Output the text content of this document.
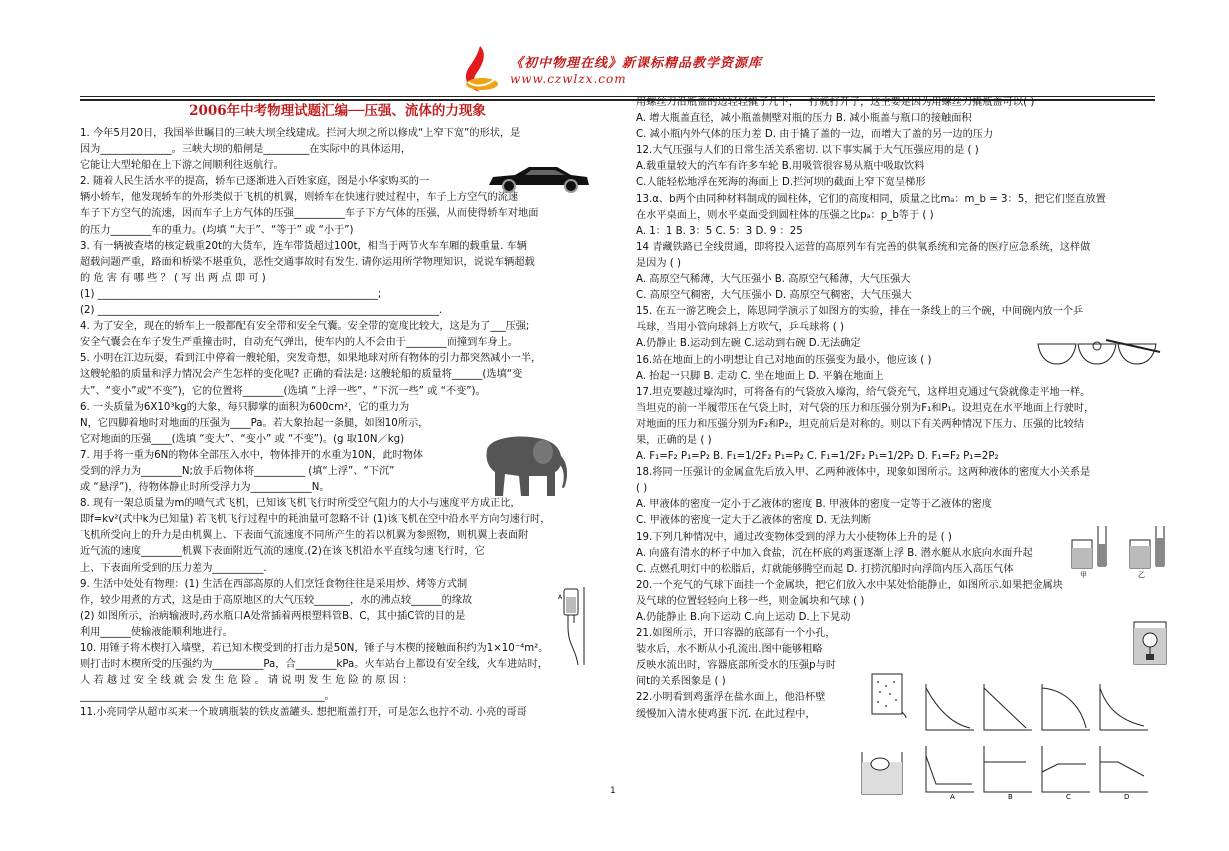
《初中物理在线》新课标精品教学资源库
www.czwlzx.com
2006年中考物理试题汇编──压强、流体的力现象
1. 今年5月20日，我国举世瞩目的三峡大坝全线建成。拦河大坝之所以修成“上窄下宽”的形状，是
因为______________。三峡大坝的船闸是_________在实际中的具体运用，
它能让大型轮船在上下游之间顺利往返航行。
2. 随着人民生活水平的提高，轿车已逐渐进入百姓家庭，图是小华家购买的一
辆小轿车，他发现轿车的外形类似于飞机的机翼，则轿车在快速行驶过程中，车子上方空气的流速
车子下方空气的流速，因而车子上方气体的压强__________车子下方气体的压强，从而使得轿车对地面
的压力________车的重力。(均填 “大于”、“等于” 或 “小于”)
3. 有一辆被查堵的核定载重20t的大货车，连车带货超过100t，相当于两节火车车厢的载重量. 车辆
超载问题严重，路面和桥梁不堪重负，恶性交通事故时有发生. 请你运用所学物理知识，说说车辆超载
的 危 害 有 哪 些 ？ ( 写 出 两 点 即 可 )
(1) _______________________________________________________;
(2) ___________________________________________________________________.
4. 为了安全，现在的轿车上一般都配有安全带和安全气囊。安全带的宽度比较大，这是为了___压强;
安全气囊会在车子发生严重撞击时，自动充气弹出，使车内的人不会由于________而撞到车身上。
5. 小明在江边玩耍，看到江中停着一艘轮船，突发奇想，如果地球对所有物体的引力都突然减小一半，
这艘轮船的质量和浮力情况会产生怎样的变化呢? 正确的看法是: 这艘轮船的质量将______(选填“变
大”、“变小”或“不变”)，它的位置将________(选填 “上浮一些”、“下沉一些” 或 “不变”)。
6. 一头质量为6X10³kg的大象，每只脚掌的面积为600cm²，它的重力为
N，它四脚着地时对地面的压强为____Pa。若大象抬起一条腿，如图10所示，
它对地面的压强____(选填 “变大”、“变小” 或 “不变”)。(g 取10N／kg)
7. 用手将一重为6N的物体全部压入水中，物体排开的水重为10N，此时物体
受到的浮力为________N;放手后物体将__________ (填“上浮”、“下沉”
或 “悬浮”)，待物体静止时所受浮力为____________N。
8. 现有一架总质量为m的喷气式飞机，已知该飞机飞行时所受空气阻力的大小与速度平方成正比，
即f=kv²(式中k为已知量) 若飞机飞行过程中的耗油量可忽略不计 (1)该飞机在空中沿水平方向匀速行时，
飞机所受向上的升力是由机翼上、下表面气流速度不同所产生的若以机翼为参照物，则机翼上表面附
近气流的速度________机翼下表面附近气流的速度.(2)在该飞机沿水平直线匀速飞行时，它
上、下表面所受到的压力差为__________.
9. 生活中处处有物理：(1) 生活在西部高原的人们烹饪食物往往是采用炒、烤等方式制
作，较少用煮的方式，这是由于高原地区的大气压较_______，水的沸点较______的缘故
(2) 如图所示，治病输液时,药水瓶口A处常插着两根塑料管B、C，其中插C管的目的是
利用______使输液能顺利地进行。
10. 用锤子将木楔打入墙壁，若已知木楔受到的打击力是50N，锤子与木楔的接触面积约为1×10⁻⁴m²。
则打击时木楔所受的压强约为__________Pa，合________kPa。火车站台上都设有安全线，火车进站时，
人 若 越 过 安 全 线 就 会 发 生 危 险 。 请 说 明 发 生 危 险 的 原 因 ：
________________________________________________。
11.小亮同学从超市买来一个玻璃瓶装的铁皮盖罐头. 想把瓶盖打开，可是怎么也拧不动. 小亮的哥哥
用螺丝刀沿瓶盖的边轻轻撬了几下，一拧就打开了，这主要是因为用螺丝刀撬瓶盖可以( )
A. 增大瓶盖直径，减小瓶盖侧壁对瓶的压力 B. 减小瓶盖与瓶口的接触面积
C. 减小瓶内外气体的压力差 D. 由于撬了盖的一边，而增大了盖的另一边的压力
12.大气压强与人们的日常生活关系密切. 以下事实属于大气压强应用的是 ( )
A.载重量较大的汽车有许多车轮 B.用吸管很容易从瓶中吸取饮料
C.人能轻松地浮在死海的海面上 D.拦河坝的截面上窄下宽呈梯形
13.α、b两个由同种材料制成的圆柱体，它们的高度相同，质量之比mₐ：m_b = 3：5，把它们竖直放置
在水平桌面上，则水平桌面受到圆柱体的压强之比pₐ：p_b等于 ( )
A. 1：1 B. 3：5 C. 5：3 D. 9 ：25
14 青藏铁路已全线贯通，即将投入运营的高原列车有完善的供氧系统和完备的医疗应急系统，这样做
是因为 ( )
A. 高原空气稀薄，大气压强小 B. 高原空气稀薄，大气压强大
C. 高原空气稠密，大气压强小 D. 高原空气稠密，大气压强大
15. 在五一游艺晚会上，陈思同学演示了如图方的实验，排在一条线上的三个碗，中间碗内放一个乒
乓球，当用小管向球斜上方吹气，乒乓球将 ( )
A.仍静止 B.运动到左碗 C.运动到右碗 D.无法确定
16.站在地面上的小明想让自己对地面的压强变为最小，他应该 ( )
A. 抬起一只脚 B. 走动 C. 坐在地面上 D. 平躺在地面上
17.坦克要越过壕沟时，可将备有的气袋放入壕沟，给气袋充气，这样坦克通过气袋就像走平地一样。
当坦克的前一半履带压在气袋上时，对气袋的压力和压强分别为F₁和P₁。设坦克在水平地面上行驶时，
对地面的压力和压强分别为F₂和P₂，坦克前后是对称的。则以下有关两种情况下压力、压强的比较结
果，正确的是 ( )
A. F₁=F₂ P₁=P₂ B. F₁=1/2F₂ P₁=P₂ C. F₁=1/2F₂ P₁=1/2P₂ D. F₁=F₂ P₁=2P₂
18.将同一压强计的金属盒先后放入甲、乙两种液体中，现象如图所示。这两种液体的密度大小关系是
( )
A. 甲液体的密度一定小于乙液体的密度 B. 甲液体的密度一定等于乙液体的密度
C. 甲液体的密度一定大于乙液体的密度 D. 无法判断
19.下列几种情况中，通过改变物体受到的浮力大小使物体上升的是 ( )
A. 向盛有清水的杯子中加入食盐，沉在杯底的鸡蛋逐渐上浮 B. 潜水艇从水底向水面升起
C. 点燃孔明灯中的松脂后，灯就能够腾空而起 D. 打捞沉船时向浮筒内压入高压气体
20.一个充气的气球下面挂一个金属块，把它们放入水中某处恰能静止，如图所示.如果把金属块
及气球的位置轻轻向上移一些，则金属块和气球 ( )
A.仍能静止 B.向下运动 C.向上运动 D.上下晃动
21.如图所示，开口容器的底部有一个小孔，
装水后，水不断从小孔流出.图中能够粗略
反映水流出时，容器底部所受水的压强p与时
间t的关系图象是 ( )
22.小明看到鸡蛋浮在盐水面上，他沿杯壁
缓慢加入清水使鸡蛋下沉. 在此过程中，
A
甲	乙
A	B	C	D
1
